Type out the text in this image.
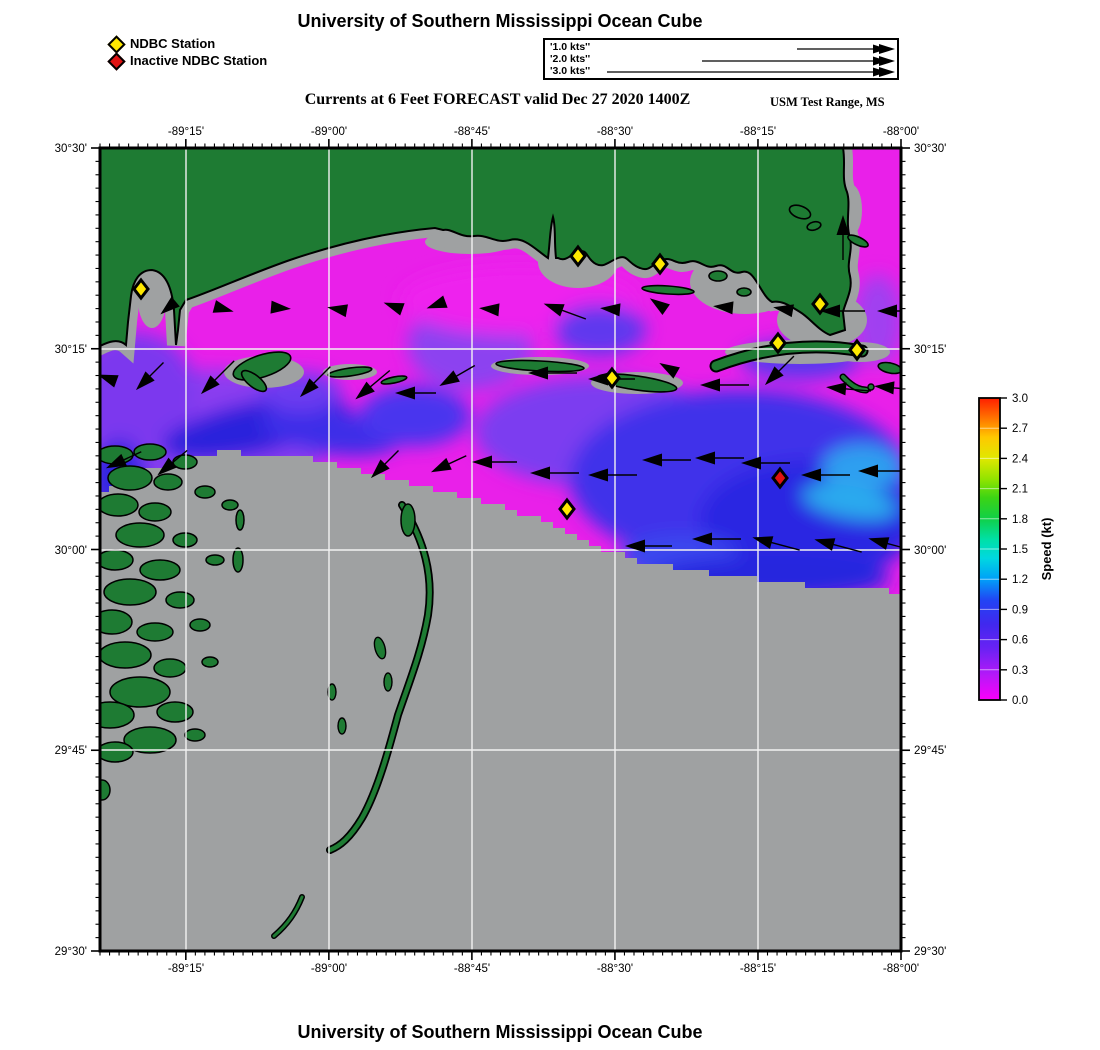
University of Southern Mississippi Ocean Cube
NDBC Station
Inactive NDBC Station
'1.0 kts''
'2.0 kts''
'3.0 kts''
Currents at 6 Feet FORECAST valid Dec 27 2020 1400Z	USM Test Range, MS
-89°15'
-89°15'
-89°00'
-89°00'
-88°45'
-88°45'
-88°30'
-88°30'
-88°15'
-88°15'
-88°00'
-88°00'
30°30'	30°30'
30°15'	30°15'
30°00'	30°00'
29°45'	29°45'
29°30'	29°30'
0.0
0.3
0.6
0.9
1.2
1.5
1.8
2.1
2.4
2.7
3.0
Speed (kt)
University of Southern Mississippi Ocean Cube
